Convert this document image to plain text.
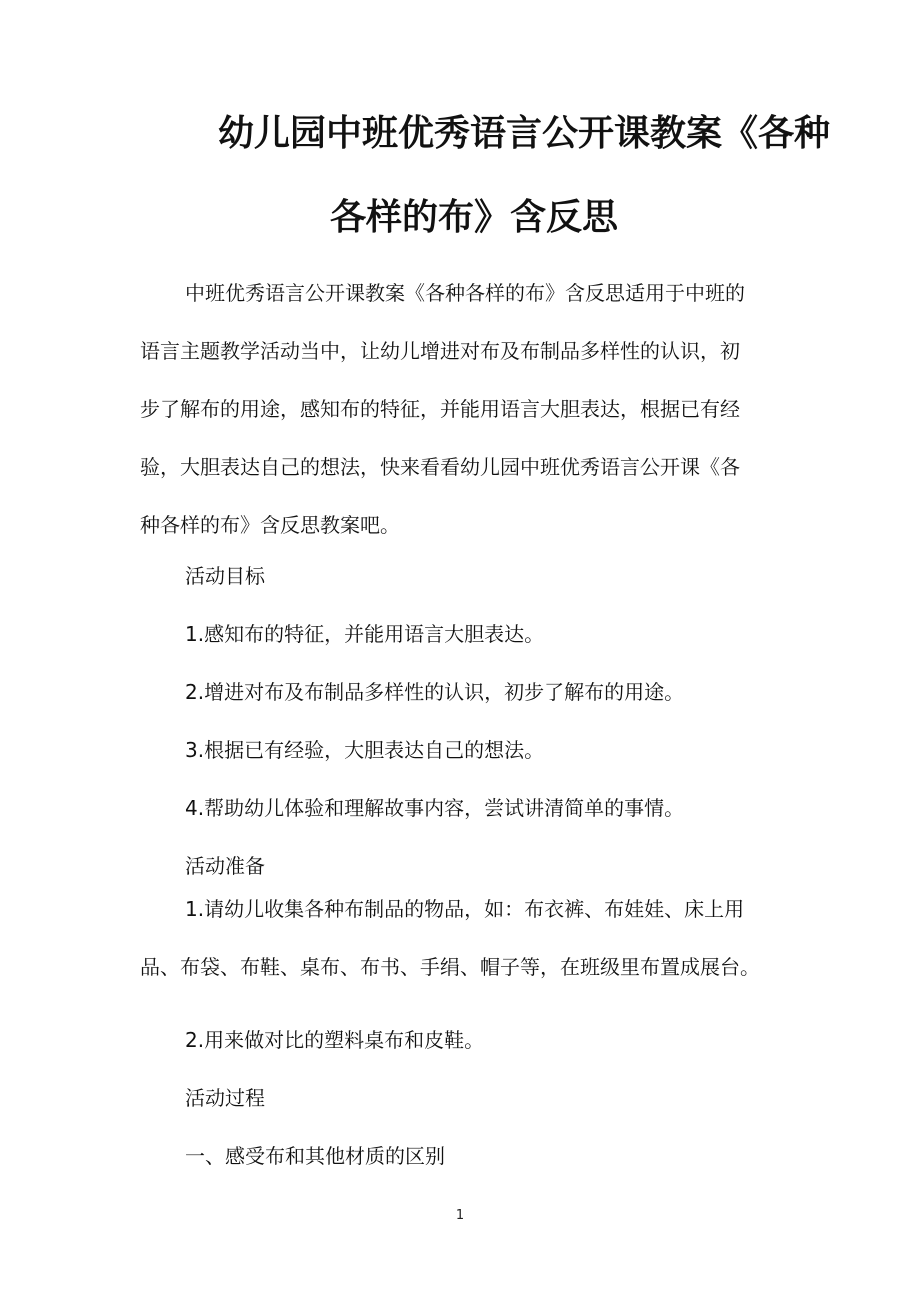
幼儿园中班优秀语言公开课教案《各种
各样的布》含反思
中班优秀语言公开课教案《各种各样的布》含反思适用于中班的
语言主题教学活动当中，让幼儿增进对布及布制品多样性的认识，初
步了解布的用途，感知布的特征，并能用语言大胆表达，根据已有经
验，大胆表达自己的想法，快来看看幼儿园中班优秀语言公开课《各
种各样的布》含反思教案吧。
活动目标
1.感知布的特征，并能用语言大胆表达。
2.增进对布及布制品多样性的认识，初步了解布的用途。
3.根据已有经验，大胆表达自己的想法。
4.帮助幼儿体验和理解故事内容，尝试讲清简单的事情。
活动准备
1.请幼儿收集各种布制品的物品，如：布衣裤、布娃娃、床上用
品、布袋、布鞋、桌布、布书、手绢、帽子等，在班级里布置成展台。
2.用来做对比的塑料桌布和皮鞋。
活动过程
一、感受布和其他材质的区别
1
